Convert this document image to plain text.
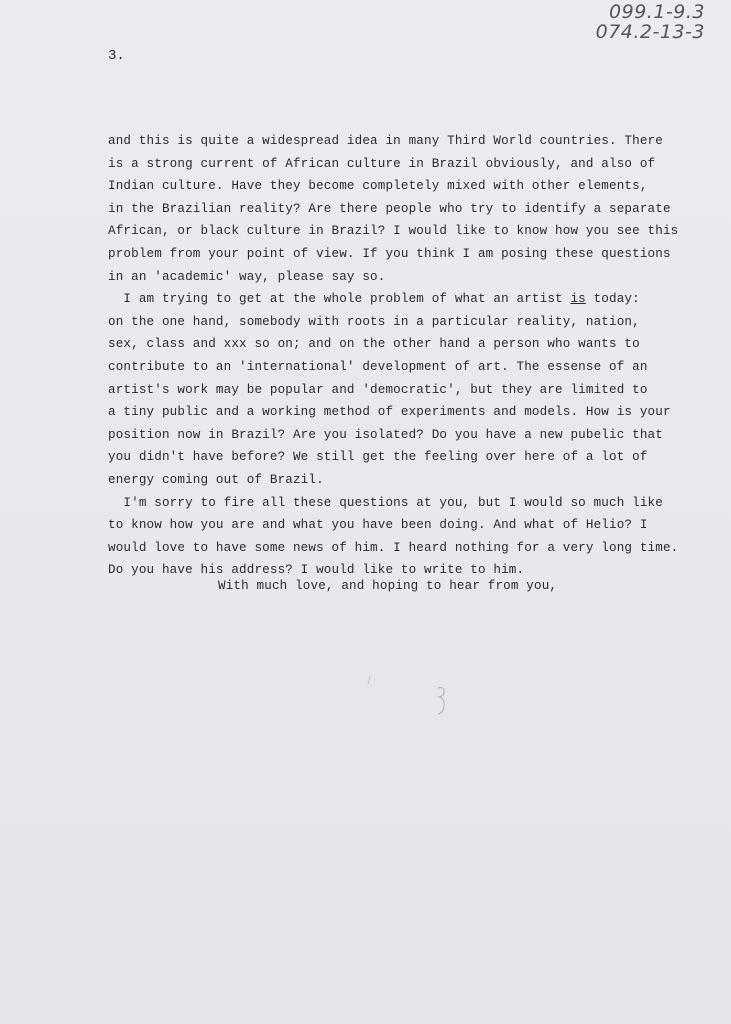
099.1-9.3
074.2-13-3
3.
and this is quite a widespread idea in many Third World countries. There
is a strong current of African culture in Brazil obviously, and also of
Indian culture. Have they become completely mixed with other elements,
in the Brazilian reality? Are there people who try to identify a separate
African, or black culture in Brazil? I would like to know how you see this
problem from your point of view. If you think I am posing these questions
in an 'academic' way, please say so.
I am trying to get at the whole problem of what an artist is today:
on the one hand, somebody with roots in a particular reality, nation,
sex, class and xxx so on; and on the other hand a person who wants to
contribute to an 'international' development of art. The essense of an
artist's work may be popular and 'democratic', but they are limited to
a tiny public and a working method of experiments and models. How is your
position now in Brazil? Are you isolated? Do you have a new pubelic that
you didn't have before? We still get the feeling over here of a lot of
energy coming out of Brazil.
I'm sorry to fire all these questions at you, but I would so much like
to know how you are and what you have been doing. And what of Helio? I
would love to have some news of him. I heard nothing for a very long time.
Do you have his address? I would like to write to him.
With much love, and hoping to hear from you,
